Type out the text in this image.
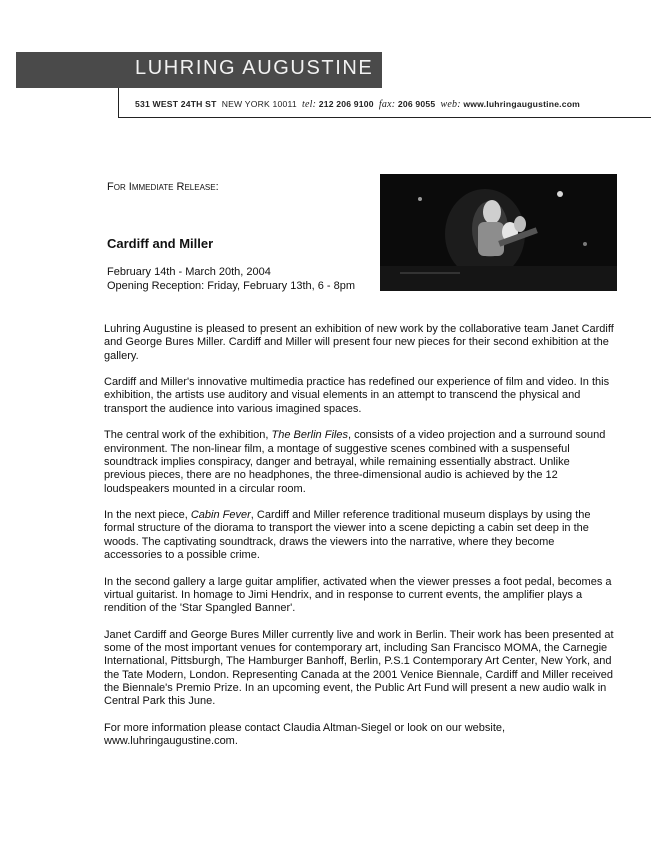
LUHRING AUGUSTINE
531 WEST 24TH ST NEW YORK 10011 tel: 212 206 9100 fax: 206 9055 web: www.luhringaugustine.com
For Immediate Release:
Cardiff and Miller
February 14th - March 20th, 2004
Opening Reception: Friday, February 13th, 6 - 8pm

Luhring Augustine is pleased to present an exhibition of new work by the collaborative team Janet Cardiff and George Bures Miller. Cardiff and Miller will present four new pieces for their second exhibition at the gallery.

Cardiff and Miller's innovative multimedia practice has redefined our experience of film and video. In this exhibition, the artists use auditory and visual elements in an attempt to transcend the physical and transport the audience into various imagined spaces.

The central work of the exhibition, The Berlin Files, consists of a video projection and a surround sound environment. The non-linear film, a montage of suggestive scenes combined with a suspenseful soundtrack implies conspiracy, danger and betrayal, while remaining essentially abstract. Unlike previous pieces, there are no headphones, the three-dimensional audio is achieved by the 12 loudspeakers mounted in a circular room.

In the next piece, Cabin Fever, Cardiff and Miller reference traditional museum displays by using the formal structure of the diorama to transport the viewer into a scene depicting a cabin set deep in the woods. The captivating soundtrack, draws the viewers into the narrative, where they become accessories to a possible crime.

In the second gallery a large guitar amplifier, activated when the viewer presses a foot pedal, becomes a virtual guitarist. In homage to Jimi Hendrix, and in response to current events, the amplifier plays a rendition of the 'Star Spangled Banner'.

Janet Cardiff and George Bures Miller currently live and work in Berlin. Their work has been presented at some of the most important venues for contemporary art, including San Francisco MOMA, the Carnegie International, Pittsburgh, The Hamburger Banhoff, Berlin, P.S.1 Contemporary Art Center, New York, and the Tate Modern, London. Representing Canada at the 2001 Venice Biennale, Cardiff and Miller received the Biennale's Premio Prize. In an upcoming event, the Public Art Fund will present a new audio walk in Central Park this June.

For more information please contact Claudia Altman-Siegel or look on our website, www.luhringaugustine.com.
